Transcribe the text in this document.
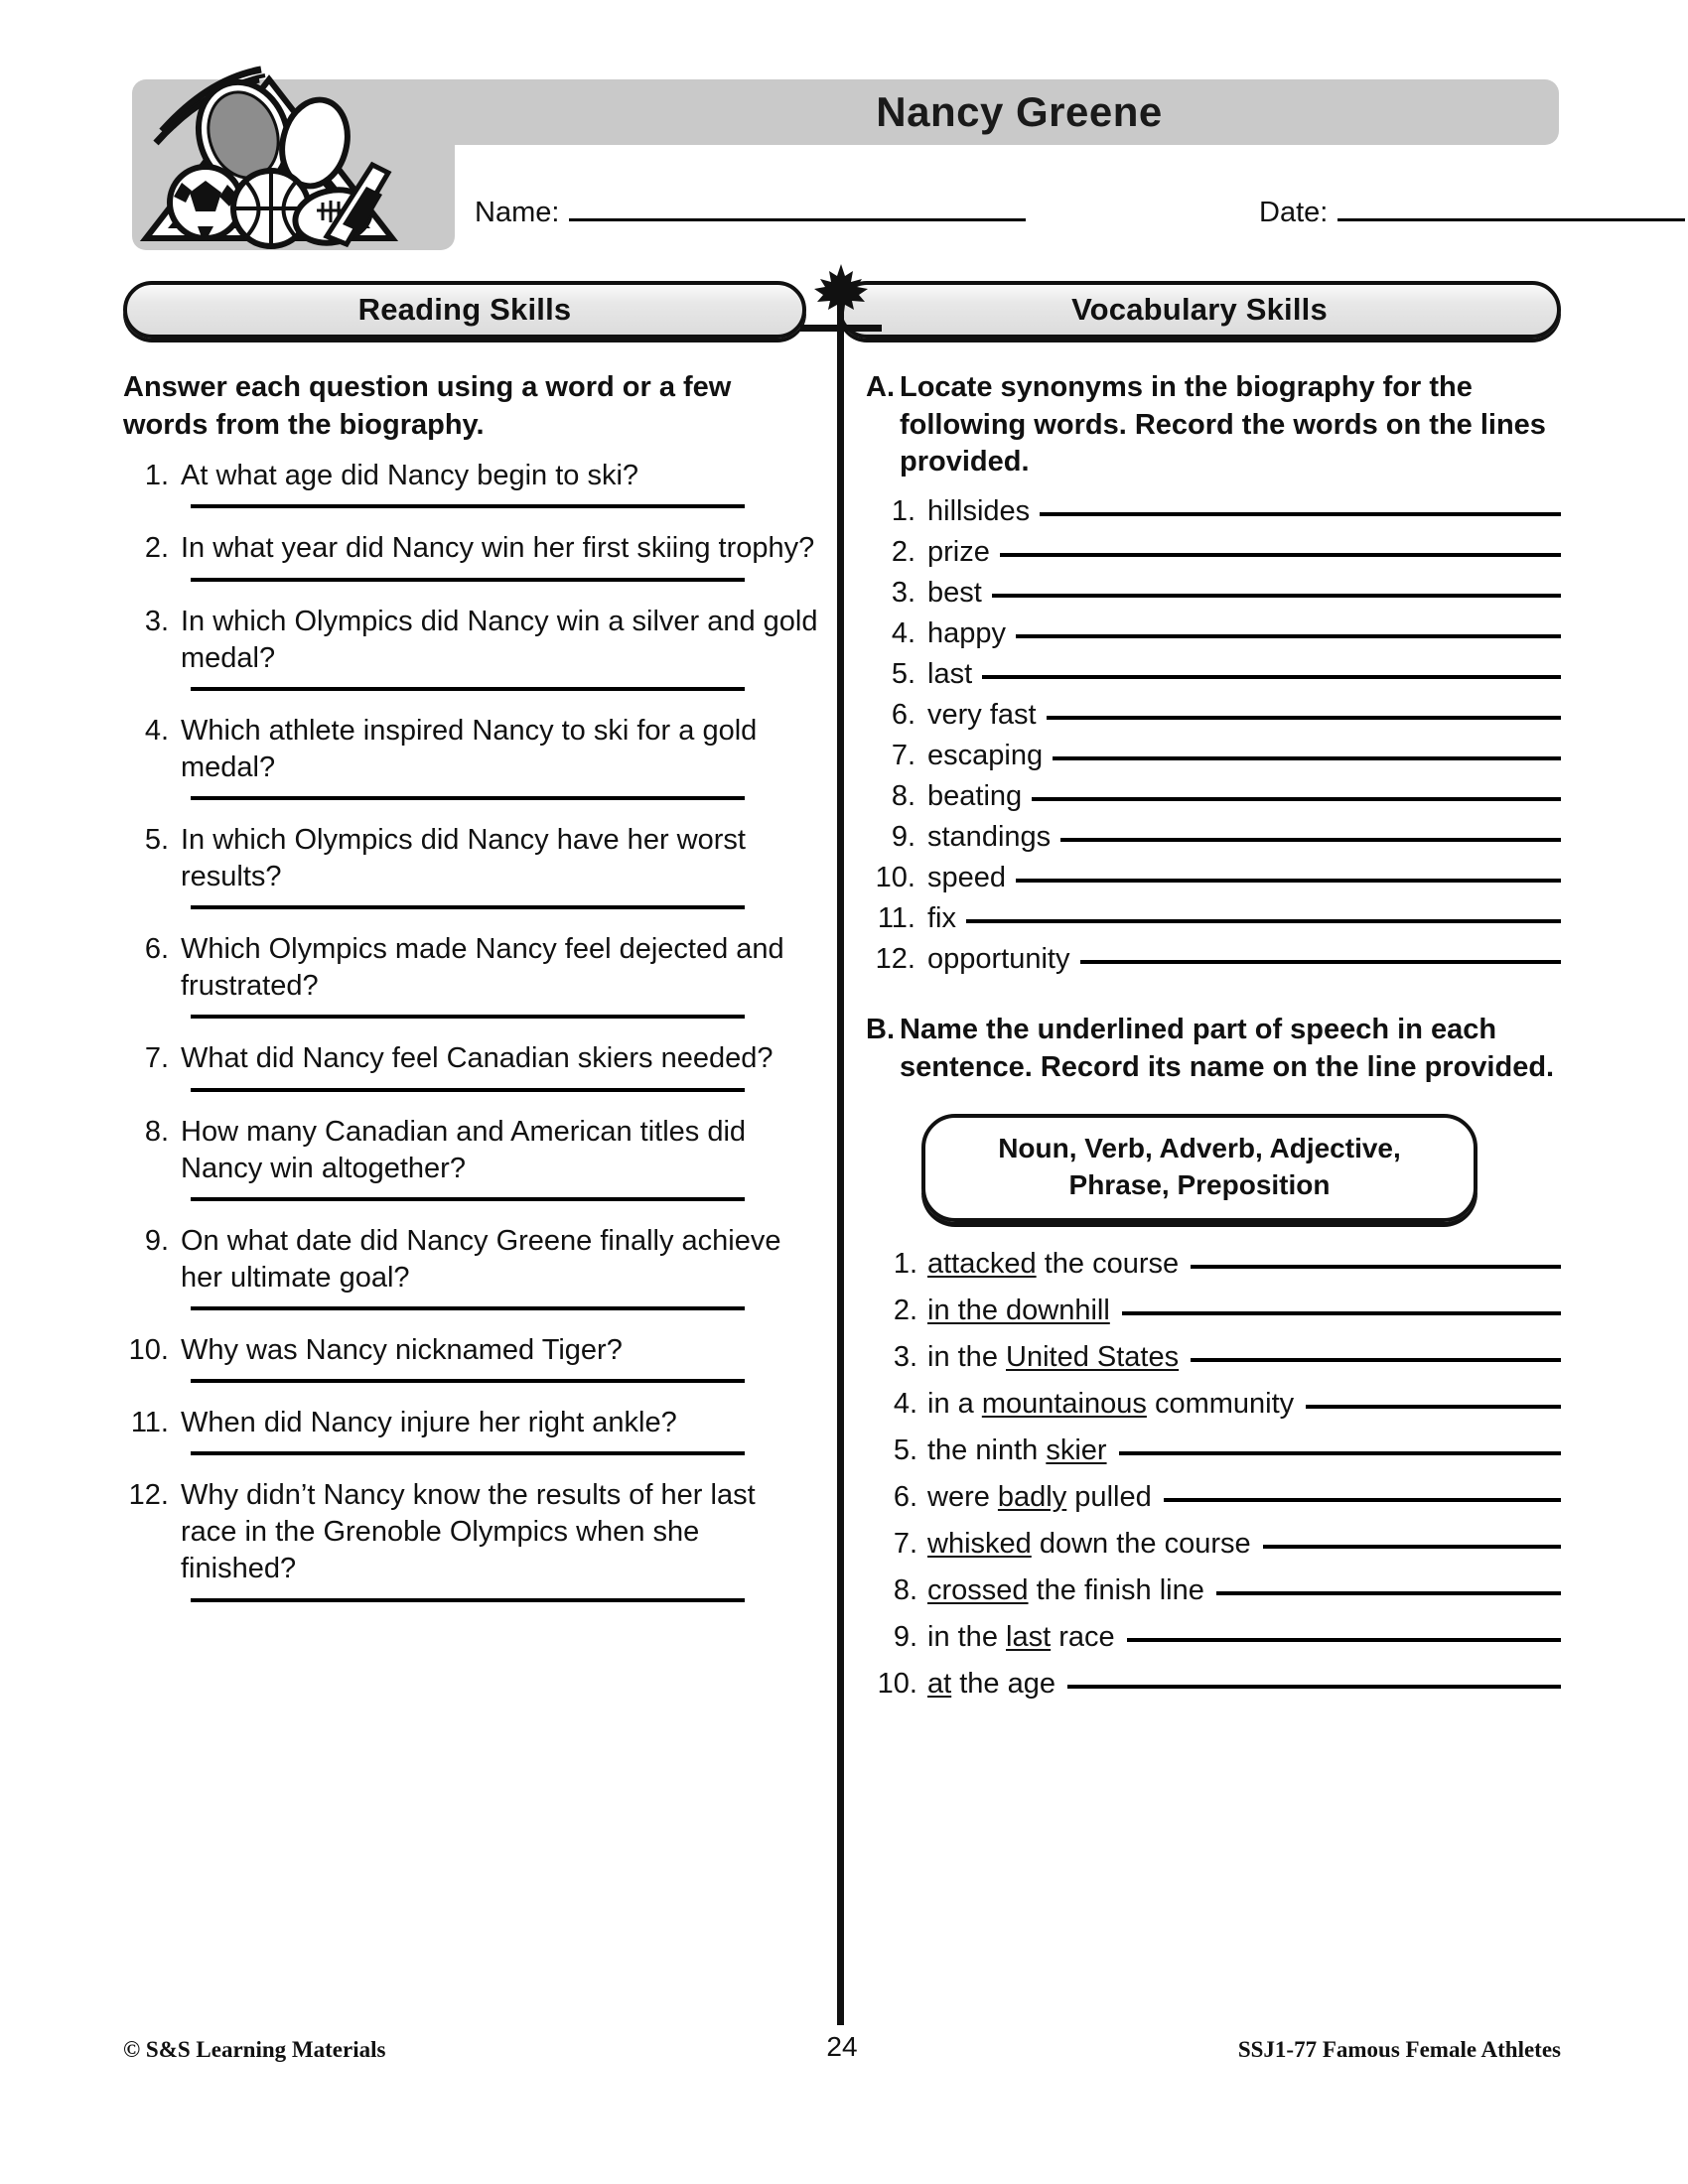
Nancy Greene
Name:	Date:
Reading Skills	Vocabulary Skills

Answer each question using a word or a few words from the biography.

1. At what age did Nancy begin to ski?
2. In what year did Nancy win her first skiing trophy?
3. In which Olympics did Nancy win a silver and gold medal?
4. Which athlete inspired Nancy to ski for a gold medal?
5. In which Olympics did Nancy have her worst results?
6. Which Olympics made Nancy feel dejected and frustrated?
7. What did Nancy feel Canadian skiers needed?
8. How many Canadian and American titles did Nancy win altogether?
9. On what date did Nancy Greene finally achieve her ultimate goal?
10. Why was Nancy nicknamed Tiger?
11. When did Nancy injure her right ankle?
12. Why didn’t Nancy know the results of her last race in the Grenoble Olympics when she finished?
A. Locate synonyms in the biography for the following words. Record the words on the lines provided.
1. hillsides
2. prize
3. best
4. happy
5. last
6. very fast
7. escaping
8. beating
9. standings
10. speed
11. fix
12. opportunity
B. Name the underlined part of speech in each sentence. Record its name on the line provided.
Noun, Verb, Adverb, Adjective,
Phrase, Preposition
1. attacked the course
2. in the downhill
3. in the United States
4. in a mountainous community
5. the ninth skier
6. were badly pulled
7. whisked down the course
8. crossed the finish line
9. in the last race
10. at the age
© S&S Learning Materials	24	SSJ1-77 Famous Female Athletes
